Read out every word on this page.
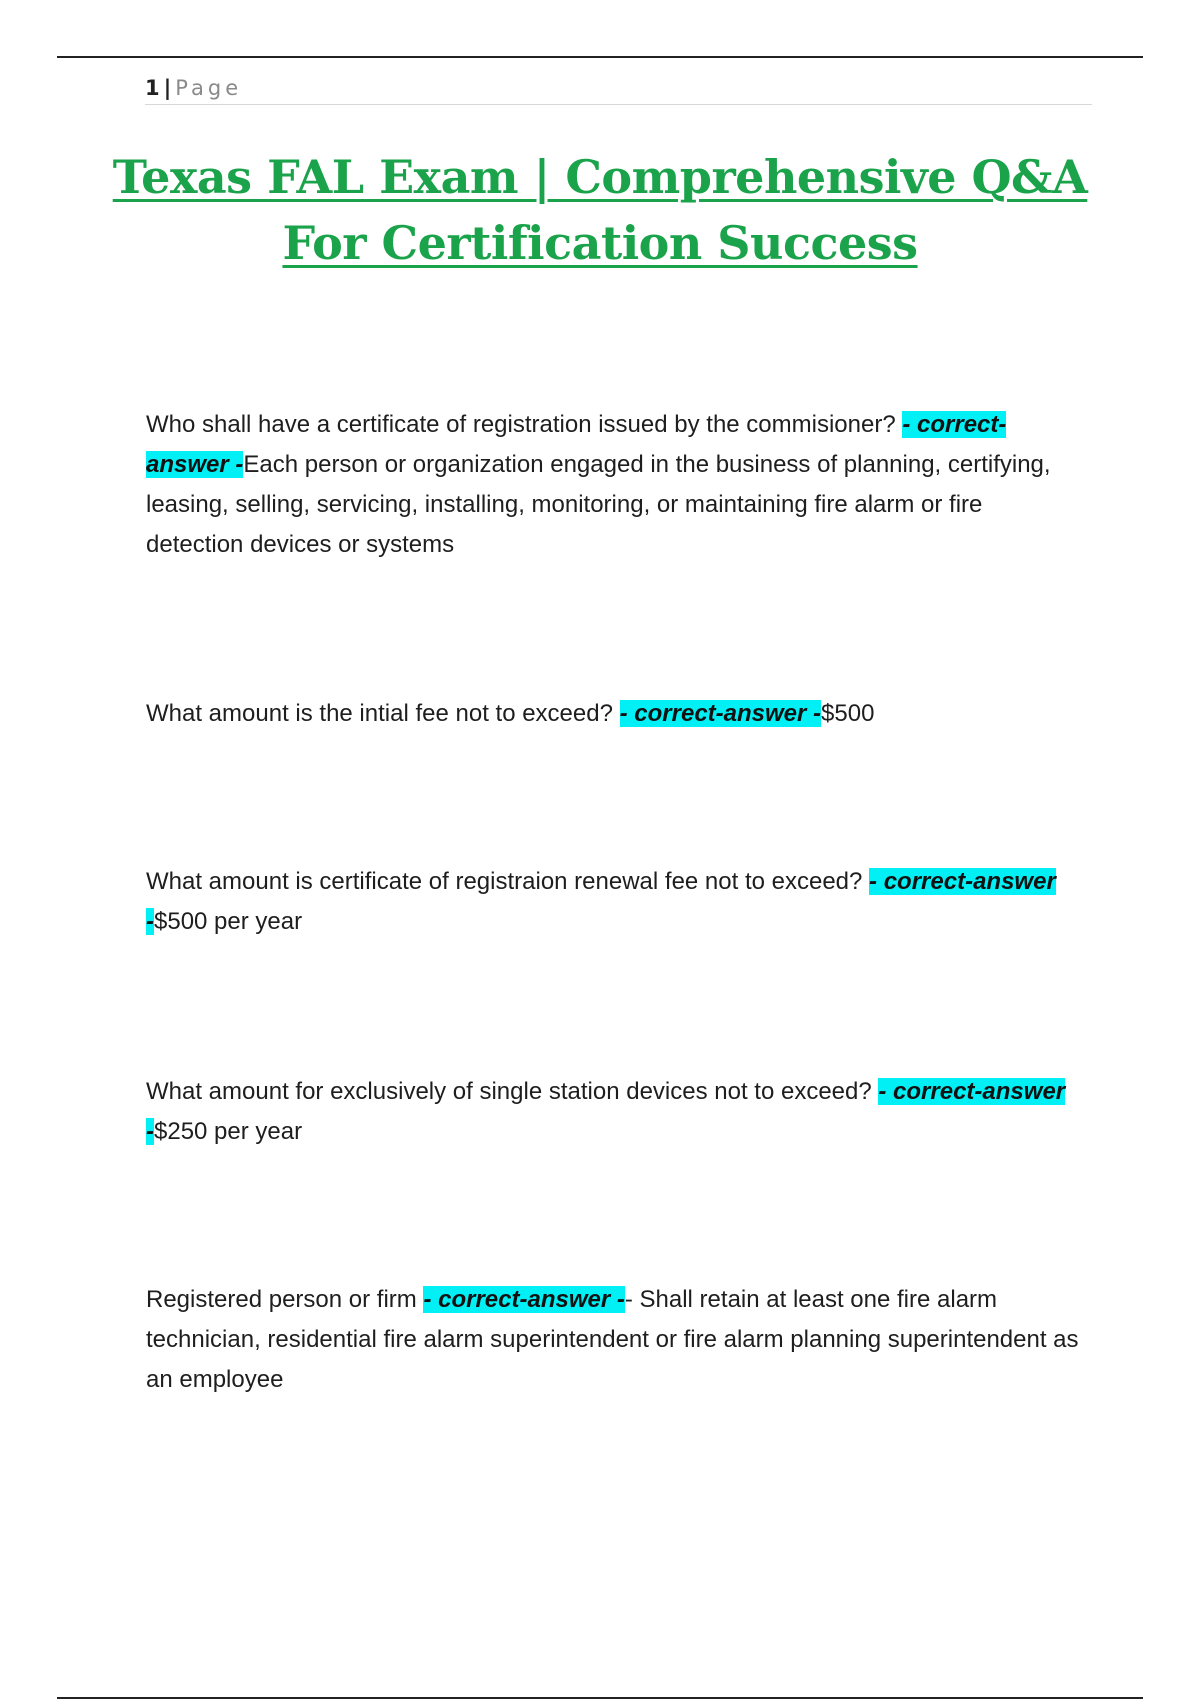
1 | Page
Texas FAL Exam | Comprehensive Q&A
For Certification Success

Who shall have a certificate of registration issued by the commisioner? - correct-answer -Each person or organization engaged in the business of planning, certifying, leasing, selling, servicing, installing, monitoring, or maintaining fire alarm or fire detection devices or systems

What amount is the intial fee not to exceed? - correct-answer -$500

What amount is certificate of registraion renewal fee not to exceed? - correct-answer -$500 per year

What amount for exclusively of single station devices not to exceed? - correct-answer -$250 per year

Registered person or firm - correct-answer -- Shall retain at least one fire alarm technician, residential fire alarm superintendent or fire alarm planning superintendent as an employee
